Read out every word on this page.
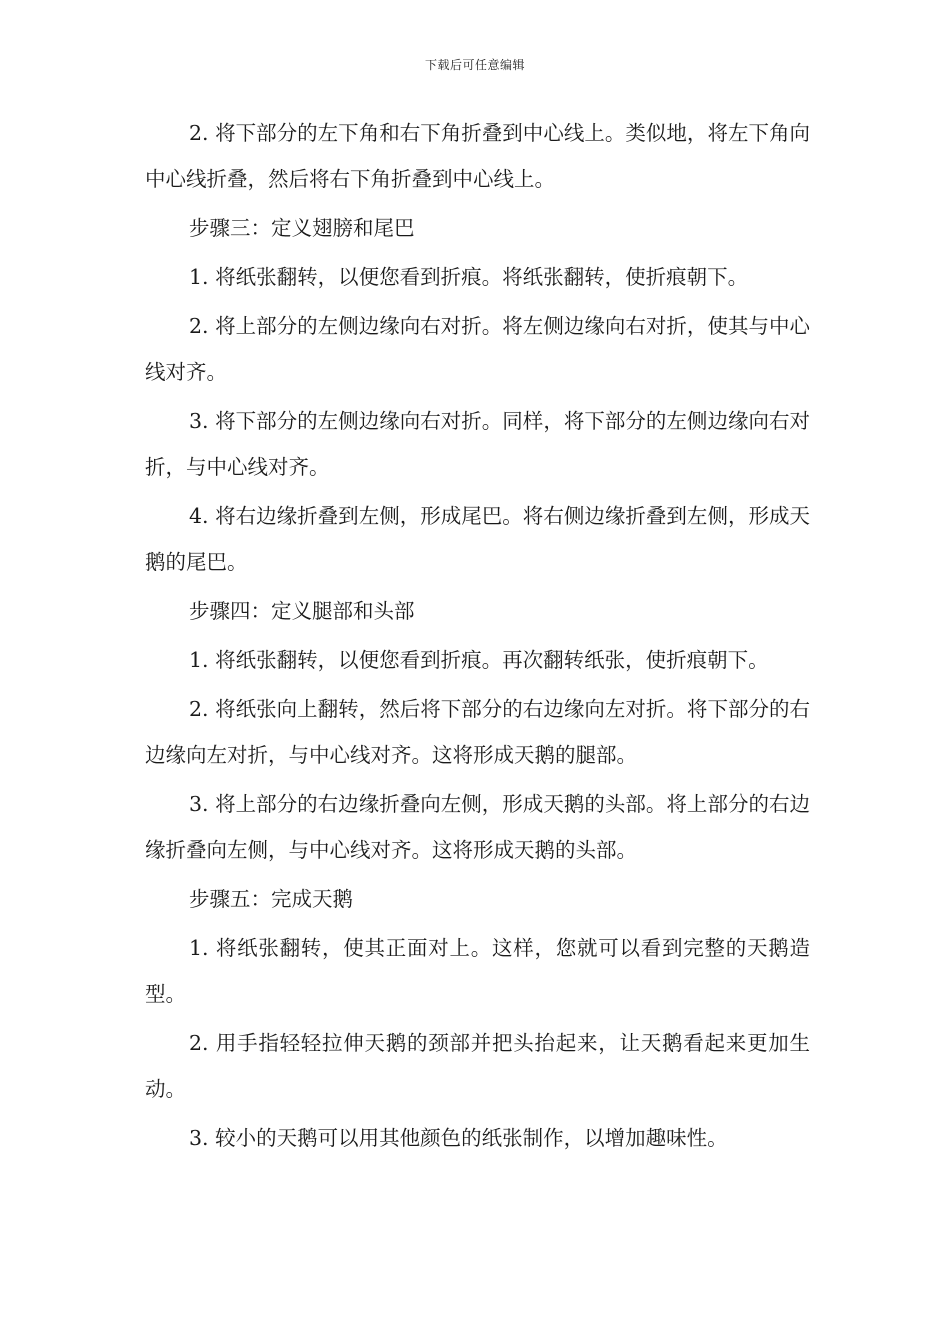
下载后可任意编辑

2. 将下部分的左下角和右下角折叠到中心线上。类似地，将左下角向中心线折叠，然后将右下角折叠到中心线上。

步骤三：定义翅膀和尾巴

1. 将纸张翻转，以便您看到折痕。将纸张翻转，使折痕朝下。

2. 将上部分的左侧边缘向右对折。将左侧边缘向右对折，使其与中心线对齐。

3. 将下部分的左侧边缘向右对折。同样，将下部分的左侧边缘向右对折，与中心线对齐。

4. 将右边缘折叠到左侧，形成尾巴。将右侧边缘折叠到左侧，形成天鹅的尾巴。

步骤四：定义腿部和头部

1. 将纸张翻转，以便您看到折痕。再次翻转纸张，使折痕朝下。

2. 将纸张向上翻转，然后将下部分的右边缘向左对折。将下部分的右边缘向左对折，与中心线对齐。这将形成天鹅的腿部。

3. 将上部分的右边缘折叠向左侧，形成天鹅的头部。将上部分的右边缘折叠向左侧，与中心线对齐。这将形成天鹅的头部。

步骤五：完成天鹅

1. 将纸张翻转，使其正面对上。这样，您就可以看到完整的天鹅造型。

2. 用手指轻轻拉伸天鹅的颈部并把头抬起来，让天鹅看起来更加生动。

3. 较小的天鹅可以用其他颜色的纸张制作，以增加趣味性。
